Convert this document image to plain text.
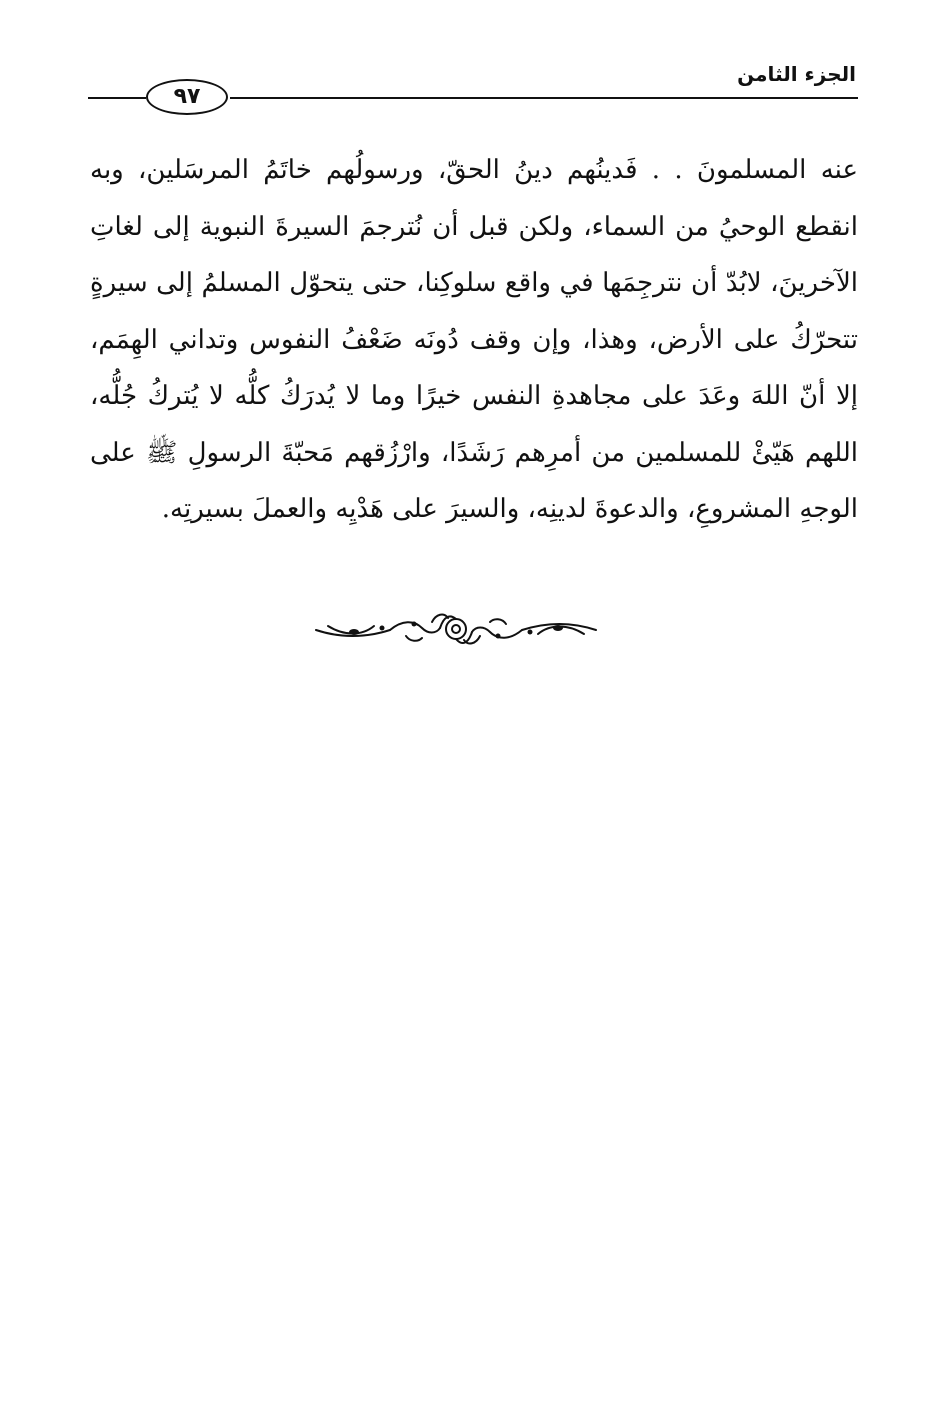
الجزء الثامن
٩٧

عنه المسلمونَ . . فَدينُهم دينُ الحقّ، ورسولُهم خاتَمُ المرسَلين، وبه انقطع الوحيُ من السماء، ولكن قبل أن نُترجمَ السيرةَ النبوية إلى لغاتِ الآخرينَ، لابُدّ أن نترجِمَها في واقع سلوكِنا، حتى يتحوّل المسلمُ إلى سيرةٍ تتحرّكُ على الأرض، وهذا، وإن وقف دُونَه ضَعْفُ النفوس وتداني الهِمَم، إلا أنّ اللهَ وعَدَ على مجاهدةِ النفس خيرًا وما لا يُدرَكُ كلُّه لا يُتركُ جُلُّه، اللهم هَيّئْ للمسلمين من أمرِهم رَشَدًا، وارْزُقهم مَحبّةَ الرسولِ ﷺ على الوجهِ المشروعِ، والدعوةَ لدينِه، والسيرَ على هَدْيِه والعملَ بسيرتِه.
